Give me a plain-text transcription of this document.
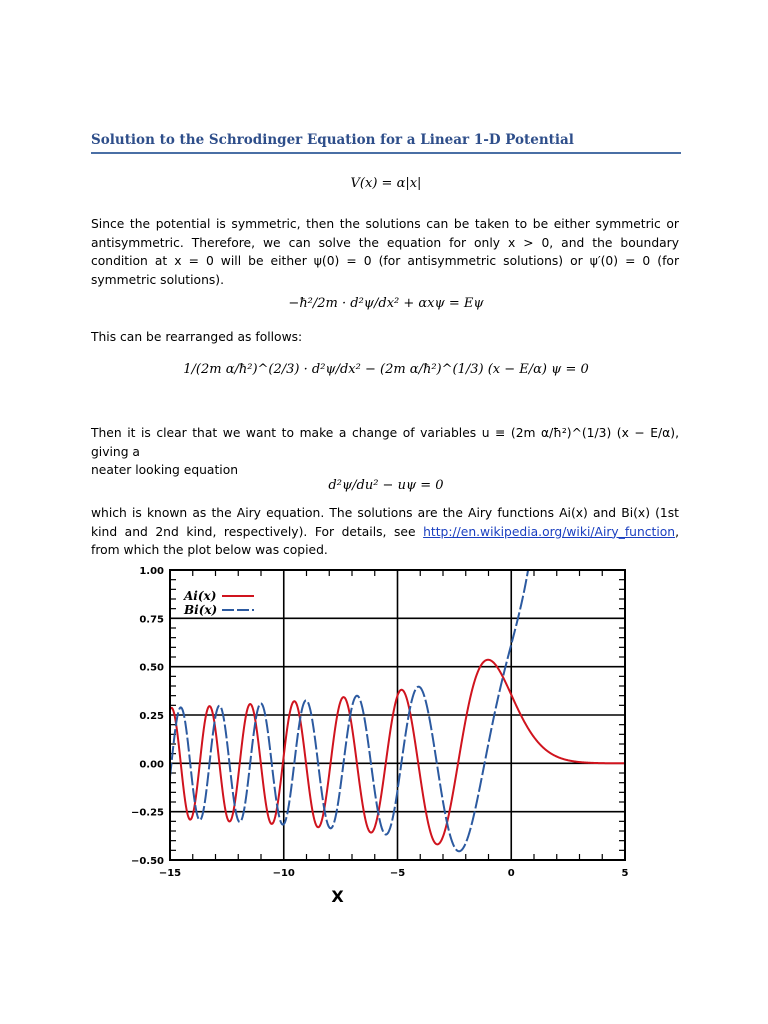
Solution to the Schrodinger Equation for a Linear 1-D Potential
V(x) = α|x|
Since the potential is symmetric, then the solutions can be taken to be either symmetric or antisymmetric. Therefore, we can solve the equation for only x > 0, and the boundary condition at x = 0 will be either ψ(0) = 0 (for antisymmetric solutions) or ψ′(0) = 0 (for symmetric solutions).
−ħ²/2m · d²ψ/dx² + αxψ = Eψ
This can be rearranged as follows:
1/(2m α/ħ²)^(2/3) · d²ψ/dx² − (2m α/ħ²)^(1/3) (x − E/α) ψ = 0
Then it is clear that we want to make a change of variables u ≡ (2m α/ħ²)^(1/3) (x − E/α), giving a
neater looking equation
d²ψ/du² − uψ = 0
which is known as the Airy equation. The solutions are the Airy functions Ai(x) and Bi(x) (1st kind and 2nd kind, respectively). For details, see http://en.wikipedia.org/wiki/Airy_function, from which the plot below was copied.
−15	−10	−5	0	5
1.00
0.75
0.50
0.25
0.00
−0.25
−0.50
Ai(x)
Bi(x)
X
